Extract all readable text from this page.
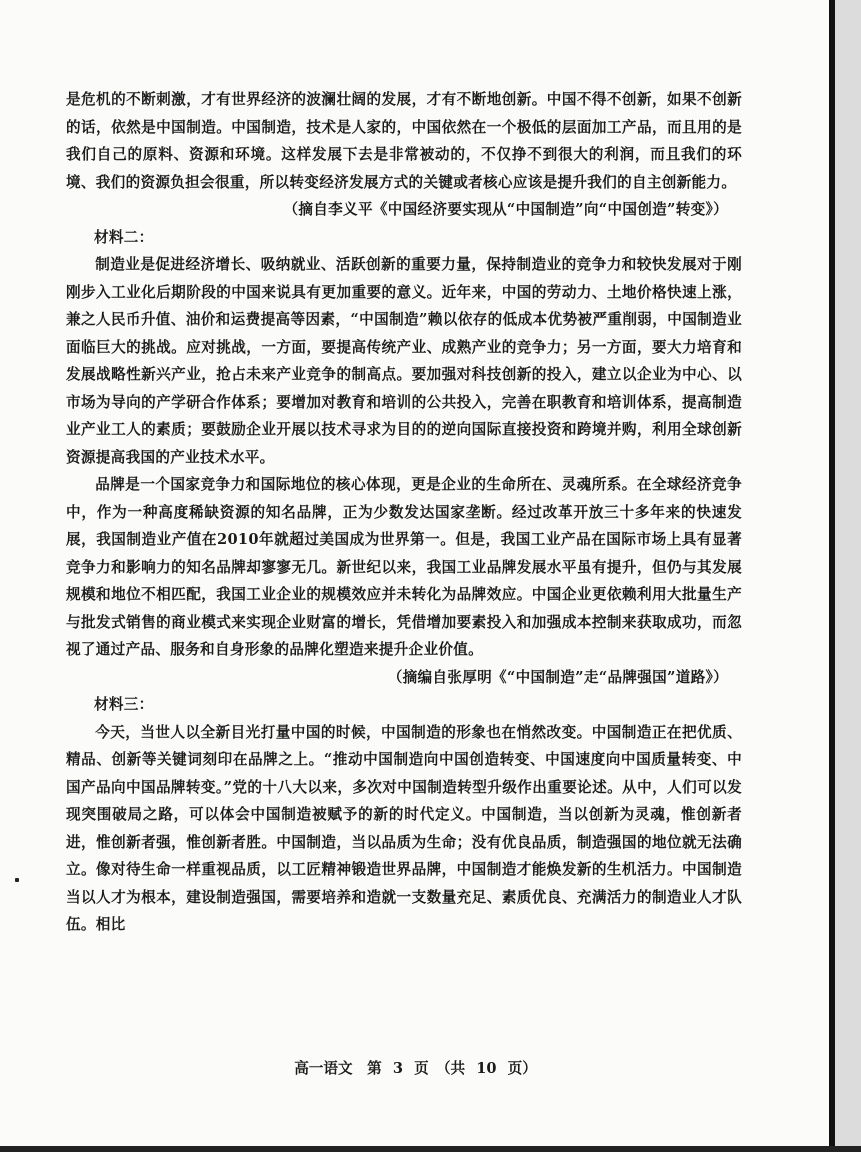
是危机的不断刺激，才有世界经济的波澜壮阔的发展，才有不断地创新。中国不得不创新，如果不创新的话，依然是中国制造。中国制造，技术是人家的，中国依然在一个极低的层面加工产品，而且用的是我们自己的原料、资源和环境。这样发展下去是非常被动的，不仅挣不到很大的利润，而且我们的环境、我们的资源负担会很重，所以转变经济发展方式的关键或者核心应该是提升我们的自主创新能力。

（摘自李义平《中国经济要实现从“中国制造”向“中国创造”转变》）

材料二：

制造业是促进经济增长、吸纳就业、活跃创新的重要力量，保持制造业的竞争力和较快发展对于刚刚步入工业化后期阶段的中国来说具有更加重要的意义。近年来，中国的劳动力、土地价格快速上涨，兼之人民币升值、油价和运费提高等因素，“中国制造”赖以依存的低成本优势被严重削弱，中国制造业面临巨大的挑战。应对挑战，一方面，要提高传统产业、成熟产业的竞争力；另一方面，要大力培育和发展战略性新兴产业，抢占未来产业竞争的制高点。要加强对科技创新的投入，建立以企业为中心、以市场为导向的产学研合作体系；要增加对教育和培训的公共投入，完善在职教育和培训体系，提高制造业产业工人的素质；要鼓励企业开展以技术寻求为目的的逆向国际直接投资和跨境并购，利用全球创新资源提高我国的产业技术水平。

品牌是一个国家竞争力和国际地位的核心体现，更是企业的生命所在、灵魂所系。在全球经济竞争中，作为一种高度稀缺资源的知名品牌，正为少数发达国家垄断。经过改革开放三十多年来的快速发展，我国制造业产值在2010年就超过美国成为世界第一。但是，我国工业产品在国际市场上具有显著竞争力和影响力的知名品牌却寥寥无几。新世纪以来，我国工业品牌发展水平虽有提升，但仍与其发展规模和地位不相匹配，我国工业企业的规模效应并未转化为品牌效应。中国企业更依赖利用大批量生产与批发式销售的商业模式来实现企业财富的增长，凭借增加要素投入和加强成本控制来获取成功，而忽视了通过产品、服务和自身形象的品牌化塑造来提升企业价值。

（摘编自张厚明《“中国制造”走“品牌强国”道路》）

材料三：

今天，当世人以全新目光打量中国的时候，中国制造的形象也在悄然改变。中国制造正在把优质、精品、创新等关键词刻印在品牌之上。“推动中国制造向中国创造转变、中国速度向中国质量转变、中国产品向中国品牌转变。”党的十八大以来，多次对中国制造转型升级作出重要论述。从中，人们可以发现突围破局之路，可以体会中国制造被赋予的新的时代定义。中国制造，当以创新为灵魂，惟创新者进，惟创新者强，惟创新者胜。中国制造，当以品质为生命；没有优良品质，制造强国的地位就无法确立。像对待生命一样重视品质，以工匠精神锻造世界品牌，中国制造才能焕发新的生机活力。中国制造当以人才为根本，建设制造强国，需要培养和造就一支数量充足、素质优良、充满活力的制造业人才队伍。相比

高一语文　第 3 页　（共 10 页）
